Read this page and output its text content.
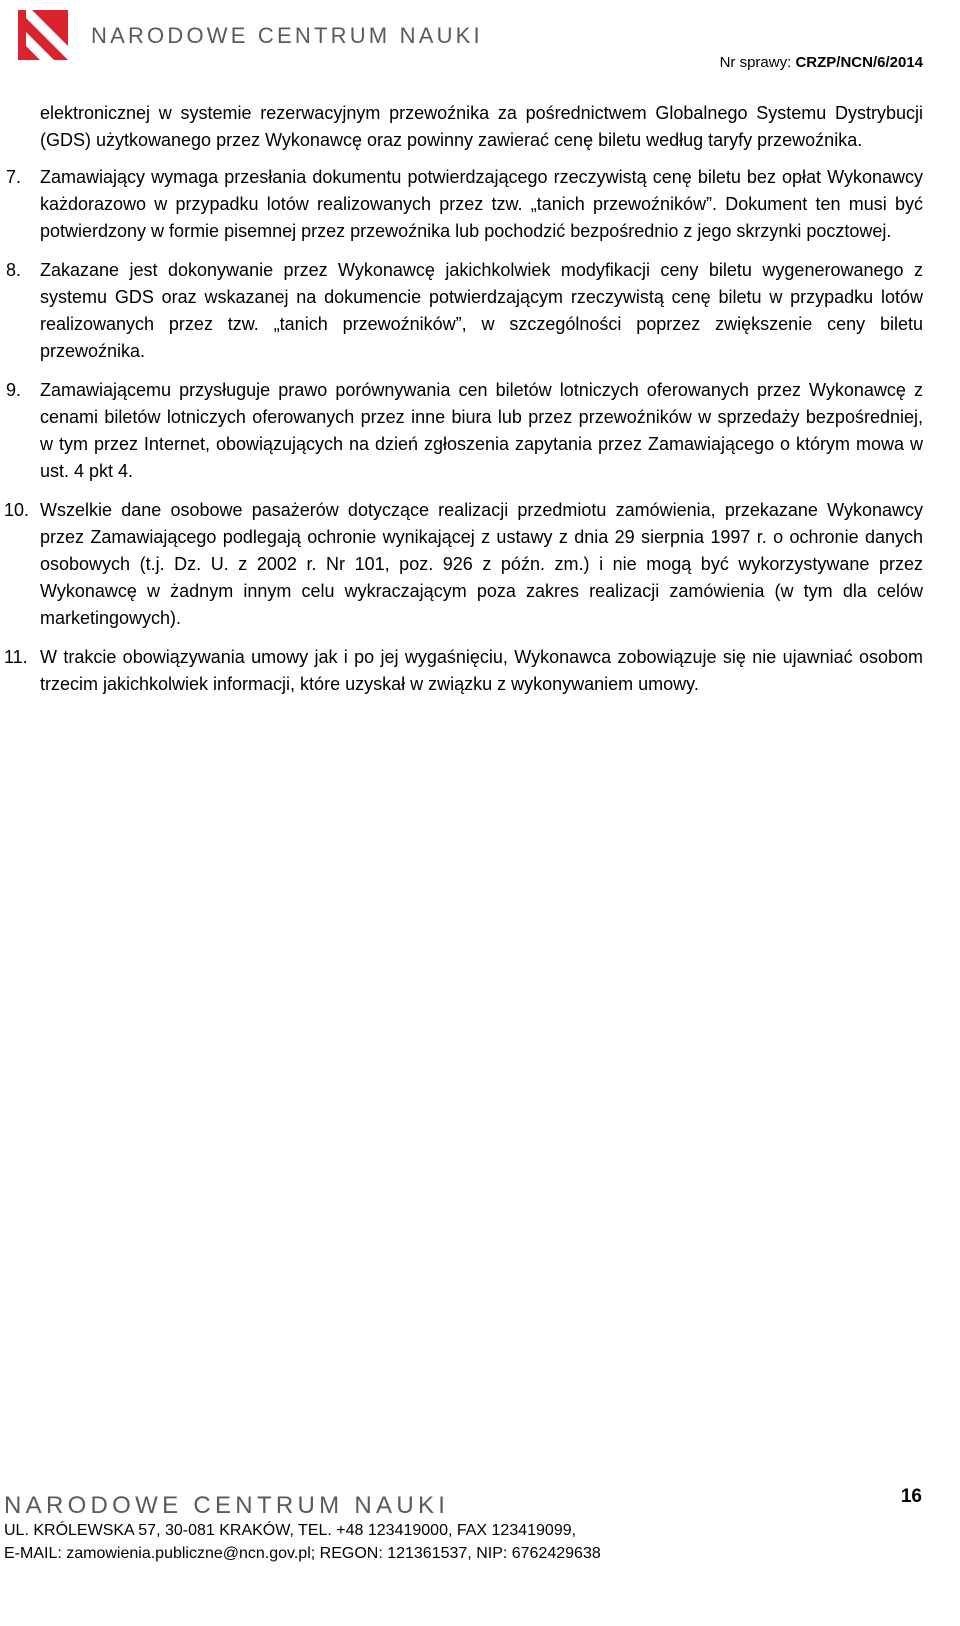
NARODOWE CENTRUM NAUKI
Nr sprawy: CRZP/NCN/6/2014

elektronicznej w systemie rezerwacyjnym przewoźnika za pośrednictwem Globalnego Systemu Dystrybucji (GDS) użytkowanego przez Wykonawcę oraz powinny zawierać cenę biletu według taryfy przewoźnika.

7. Zamawiający wymaga przesłania dokumentu potwierdzającego rzeczywistą cenę biletu bez opłat Wykonawcy każdorazowo w przypadku lotów realizowanych przez tzw. „tanich przewoźników”. Dokument ten musi być potwierdzony w formie pisemnej przez przewoźnika lub pochodzić bezpośrednio z jego skrzynki pocztowej.

8. Zakazane jest dokonywanie przez Wykonawcę jakichkolwiek modyfikacji ceny biletu wygenerowanego z systemu GDS oraz wskazanej na dokumencie potwierdzającym rzeczywistą cenę biletu w przypadku lotów realizowanych przez tzw. „tanich przewoźników”, w szczególności poprzez zwiększenie ceny biletu przewoźnika.

9. Zamawiającemu przysługuje prawo porównywania cen biletów lotniczych oferowanych przez Wykonawcę z cenami biletów lotniczych oferowanych przez inne biura lub przez przewoźników w sprzedaży bezpośredniej, w tym przez Internet, obowiązujących na dzień zgłoszenia zapytania przez Zamawiającego o którym mowa w ust. 4 pkt 4.

10. Wszelkie dane osobowe pasażerów dotyczące realizacji przedmiotu zamówienia, przekazane Wykonawcy przez Zamawiającego podlegają ochronie wynikającej z ustawy z dnia 29 sierpnia 1997 r. o ochronie danych osobowych (t.j. Dz. U. z 2002 r. Nr 101, poz. 926 z późn. zm.) i nie mogą być wykorzystywane przez Wykonawcę w żadnym innym celu wykraczającym poza zakres realizacji zamówienia (w tym dla celów marketingowych).

11. W trakcie obowiązywania umowy jak i po jej wygaśnięciu, Wykonawca zobowiązuje się nie ujawniać osobom trzecim jakichkolwiek informacji, które uzyskał w związku z wykonywaniem umowy.

NARODOWE CENTRUM NAUKI	16
UL. KRÓLEWSKA 57, 30-081 KRAKÓW, TEL. +48 123419000, FAX 123419099,
E-MAIL: zamowienia.publiczne@ncn.gov.pl; REGON: 121361537, NIP: 6762429638
